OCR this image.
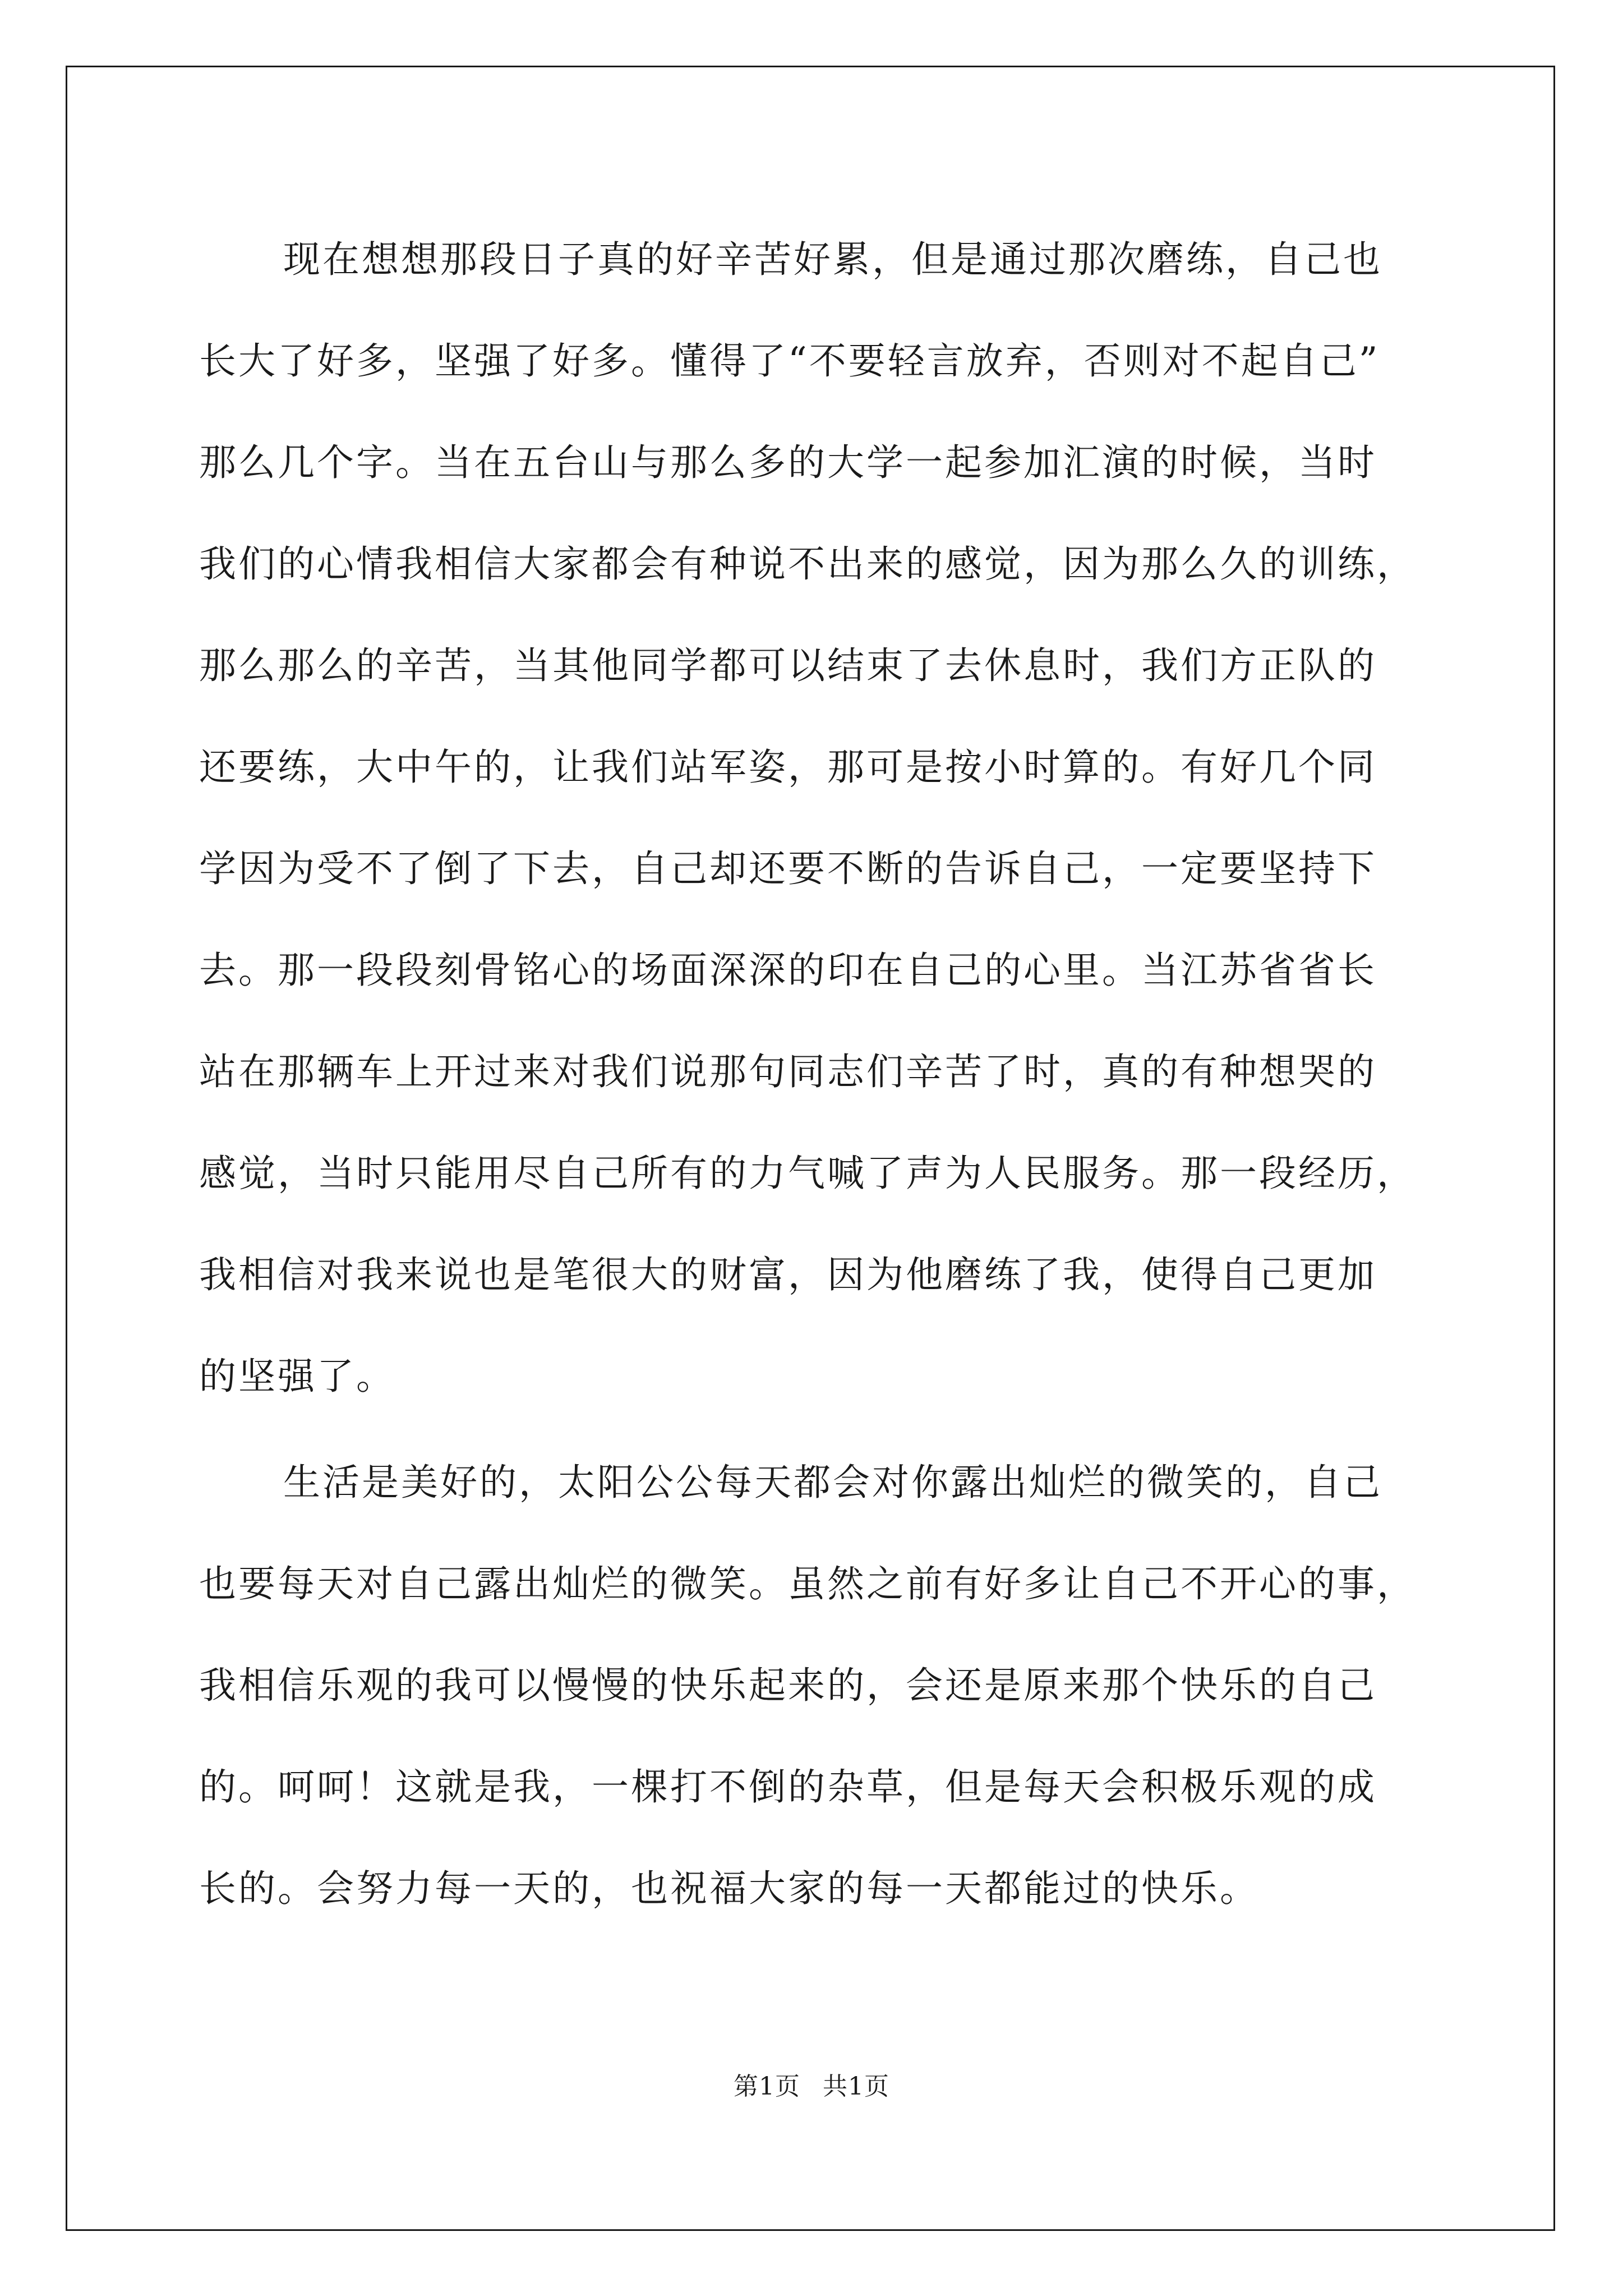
现在想想那段日子真的好辛苦好累，但是通过那次磨练，自己也
长大了好多，坚强了好多。懂得了“不要轻言放弃，否则对不起自己”
那么几个字。当在五台山与那么多的大学一起参加汇演的时候，当时
我们的心情我相信大家都会有种说不出来的感觉，因为那么久的训练，
那么那么的辛苦，当其他同学都可以结束了去休息时，我们方正队的
还要练，大中午的，让我们站军姿，那可是按小时算的。有好几个同
学因为受不了倒了下去，自己却还要不断的告诉自己，一定要坚持下
去。那一段段刻骨铭心的场面深深的印在自己的心里。当江苏省省长
站在那辆车上开过来对我们说那句同志们辛苦了时，真的有种想哭的
感觉，当时只能用尽自己所有的力气喊了声为人民服务。那一段经历，
我相信对我来说也是笔很大的财富，因为他磨练了我，使得自己更加
的坚强了。
生活是美好的，太阳公公每天都会对你露出灿烂的微笑的，自己
也要每天对自己露出灿烂的微笑。虽然之前有好多让自己不开心的事，
我相信乐观的我可以慢慢的快乐起来的，会还是原来那个快乐的自己
的。呵呵！这就是我，一棵打不倒的杂草，但是每天会积极乐观的成
长的。会努力每一天的，也祝福大家的每一天都能过的快乐。
第1页 共1页
